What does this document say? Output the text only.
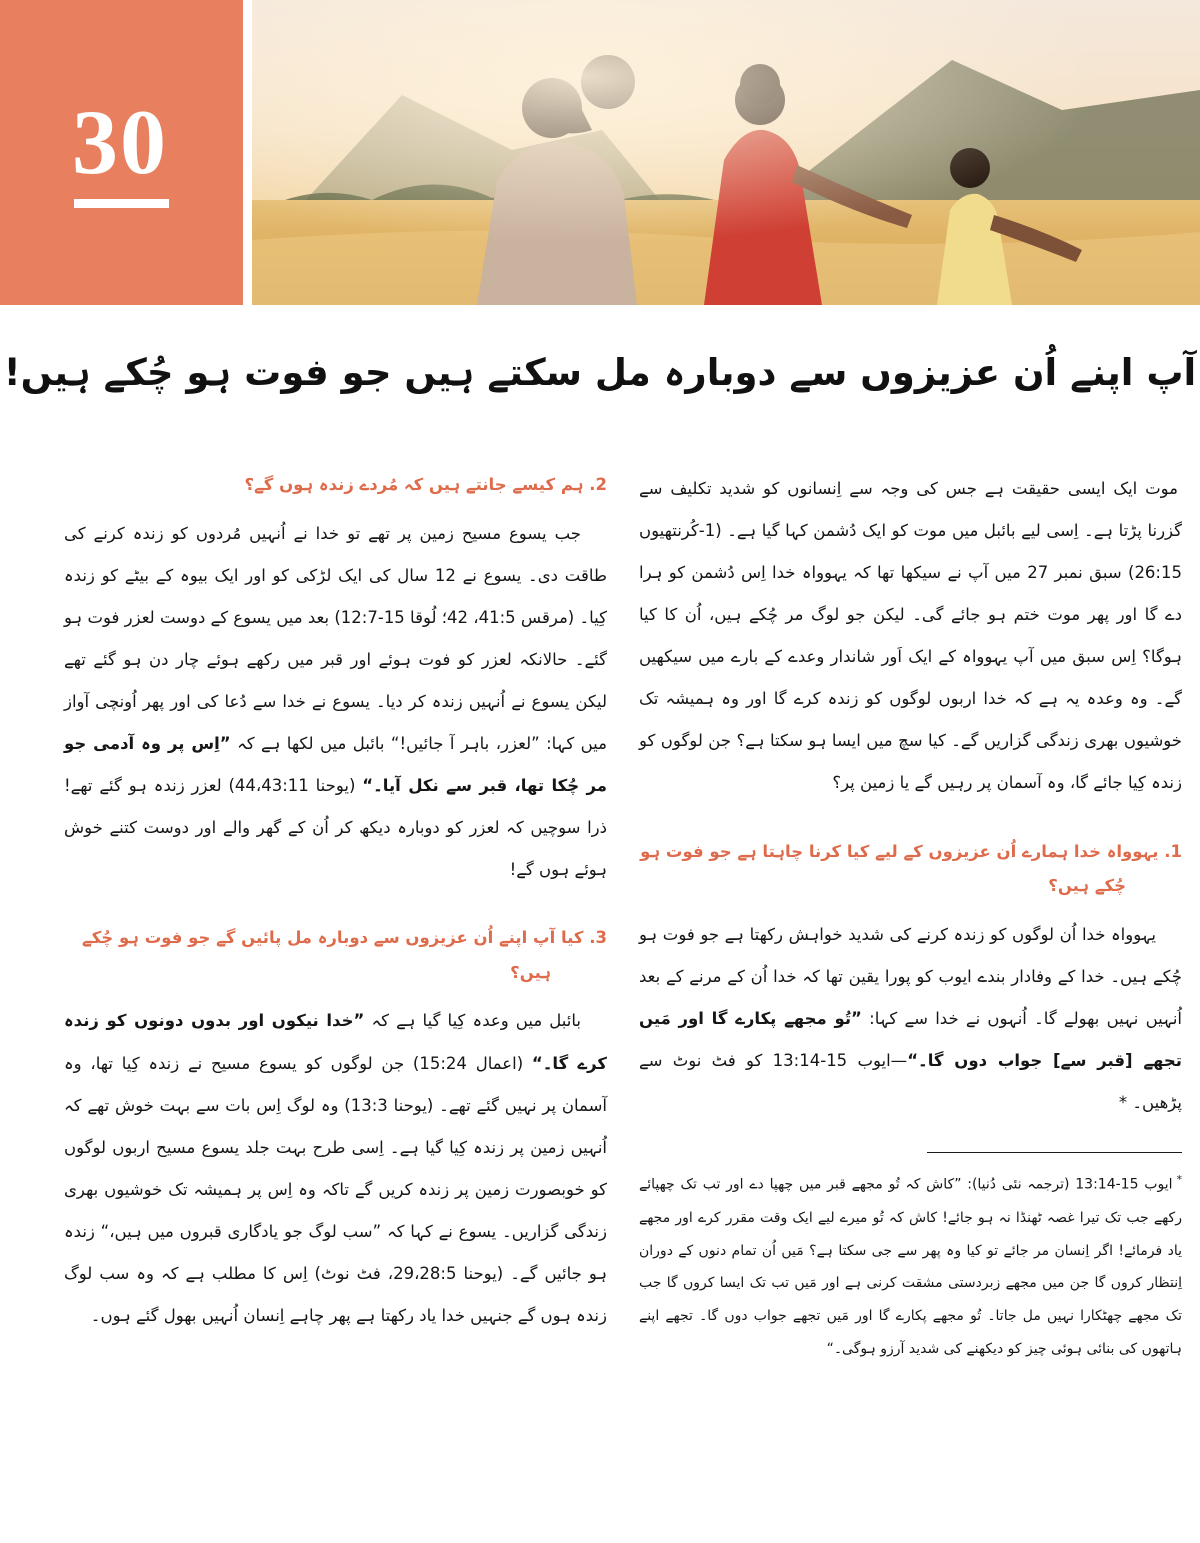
30
آپ اپنے اُن عزیزوں سے دوبارہ مل سکتے ہیں جو فوت ہو چُکے ہیں!

موت ایک ایسی حقیقت ہے جس کی وجہ سے اِنسانوں کو شدید تکلیف سے گزرنا پڑتا ہے۔ اِسی لیے بائبل میں موت کو ایک دُشمن کہا گیا ہے۔ (1-کُرنتھیوں 26:15) سبق نمبر 27 میں آپ نے سیکھا تھا کہ یہوواہ خدا اِس دُشمن کو ہرا دے گا اور پھر موت ختم ہو جائے گی۔ لیکن جو لوگ مر چُکے ہیں، اُن کا کیا ہوگا؟ اِس سبق میں آپ یہوواہ کے ایک اَور شاندار وعدے کے بارے میں سیکھیں گے۔ وہ وعدہ یہ ہے کہ خدا اربوں لوگوں کو زندہ کرے گا اور وہ ہمیشہ تک خوشیوں بھری زندگی گزاریں گے۔ کیا سچ میں ایسا ہو سکتا ہے؟ جن لوگوں کو زندہ کِیا جائے گا، وہ آسمان پر رہیں گے یا زمین پر؟

1. یہوواہ خدا ہمارے اُن عزیزوں کے لیے کیا کرنا چاہتا ہے جو فوت ہو چُکے ہیں؟

یہوواہ خدا اُن لوگوں کو زندہ کرنے کی شدید خواہش رکھتا ہے جو فوت ہو چُکے ہیں۔ خدا کے وفادار بندے ایوب کو پورا یقین تھا کہ خدا اُن کے مرنے کے بعد اُنہیں نہیں بھولے گا۔ اُنہوں نے خدا سے کہا: ”تُو مجھے پکارے گا اور مَیں تجھے [قبر سے] جواب دوں گا۔“—ایوب 15-13:14 کو فٹ نوٹ سے پڑھیں۔ *

*ایوب 15-13:14 (ترجمہ نئی دُنیا): ”کاش کہ تُو مجھے قبر میں چھپا دے اور تب تک چھپائے رکھے جب تک تیرا غصہ ٹھنڈا نہ ہو جائے! کاش کہ تُو میرے لیے ایک وقت مقرر کرے اور مجھے یاد فرمائے! اگر اِنسان مر جائے تو کیا وہ پھر سے جی سکتا ہے؟ مَیں اُن تمام دنوں کے دوران اِنتظار کروں گا جن میں مجھے زبردستی مشقت کرنی ہے اور مَیں تب تک ایسا کروں گا جب تک مجھے چھٹکارا نہیں مل جاتا۔ تُو مجھے پکارے گا اور مَیں تجھے جواب دوں گا۔ تجھے اپنے ہاتھوں کی بنائی ہوئی چیز کو دیکھنے کی شدید آرزو ہوگی۔“

2. ہم کیسے جانتے ہیں کہ مُردے زندہ ہوں گے؟

جب یسوع مسیح زمین پر تھے تو خدا نے اُنہیں مُردوں کو زندہ کرنے کی طاقت دی۔ یسوع نے 12 سال کی ایک لڑکی کو اور ایک بیوہ کے بیٹے کو زندہ کِیا۔ (مرقس 41:5، 42؛ لُوقا 15-12:7) بعد میں یسوع کے دوست لعزر فوت ہو گئے۔ حالانکہ لعزر کو فوت ہوئے اور قبر میں رکھے ہوئے چار دن ہو گئے تھے لیکن یسوع نے اُنہیں زندہ کر دیا۔ یسوع نے خدا سے دُعا کی اور پھر اُونچی آواز میں کہا: ”لعزر، باہر آ جائیں!“ بائبل میں لکھا ہے کہ ”اِس پر وہ آدمی جو مر چُکا تھا، قبر سے نکل آیا۔“ (یوحنا 44،43:11) لعزر زندہ ہو گئے تھے! ذرا سوچیں کہ لعزر کو دوبارہ دیکھ کر اُن کے گھر والے اور دوست کتنے خوش ہوئے ہوں گے!

3. کیا آپ اپنے اُن عزیزوں سے دوبارہ مل پائیں گے جو فوت ہو چُکے ہیں؟

بائبل میں وعدہ کِیا گیا ہے کہ ”خدا نیکوں اور بدوں دونوں کو زندہ کرے گا۔“ (اعمال 15:24) جن لوگوں کو یسوع مسیح نے زندہ کِیا تھا، وہ آسمان پر نہیں گئے تھے۔ (یوحنا 13:3) وہ لوگ اِس بات سے بہت خوش تھے کہ اُنہیں زمین پر زندہ کِیا گیا ہے۔ اِسی طرح بہت جلد یسوع مسیح اربوں لوگوں کو خوبصورت زمین پر زندہ کریں گے تاکہ وہ اِس پر ہمیشہ تک خوشیوں بھری زندگی گزاریں۔ یسوع نے کہا کہ ”سب لوگ جو یادگاری قبروں میں ہیں،“ زندہ ہو جائیں گے۔ (یوحنا 29،28:5، فٹ نوٹ) اِس کا مطلب ہے کہ وہ سب لوگ زندہ ہوں گے جنہیں خدا یاد رکھتا ہے پھر چاہے اِنسان اُنہیں بھول گئے ہوں۔
